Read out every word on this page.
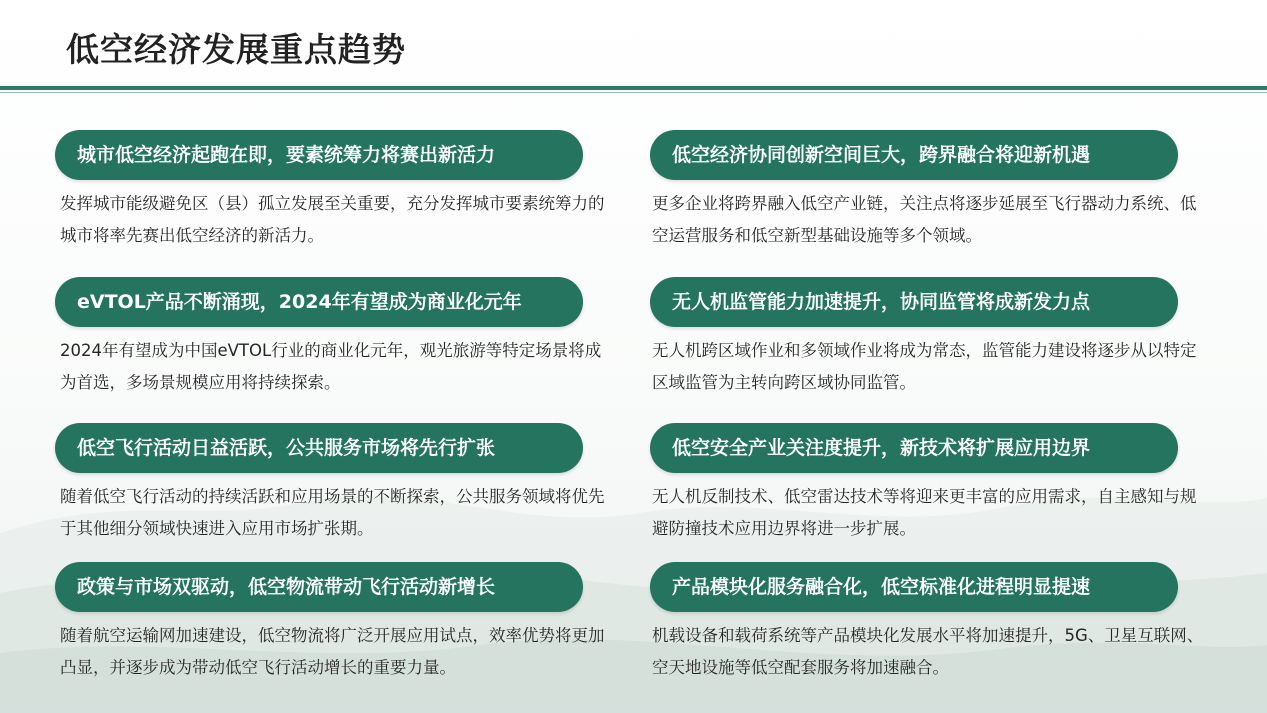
低空经济发展重点趋势
城市低空经济起跑在即，要素统筹力将赛出新活力

发挥城市能级避免区（县）孤立发展至关重要，充分发挥城市要素统筹力的城市将率先赛出低空经济的新活力。

eVTOL产品不断涌现，2024年有望成为商业化元年

2024年有望成为中国eVTOL行业的商业化元年，观光旅游等特定场景将成为首选，多场景规模应用将持续探索。

低空飞行活动日益活跃，公共服务市场将先行扩张

随着低空飞行活动的持续活跃和应用场景的不断探索，公共服务领域将优先于其他细分领域快速进入应用市场扩张期。

政策与市场双驱动，低空物流带动飞行活动新增长

随着航空运输网加速建设，低空物流将广泛开展应用试点，效率优势将更加凸显，并逐步成为带动低空飞行活动增长的重要力量。

低空经济协同创新空间巨大，跨界融合将迎新机遇

更多企业将跨界融入低空产业链，关注点将逐步延展至飞行器动力系统、低空运营服务和低空新型基础设施等多个领域。

无人机监管能力加速提升，协同监管将成新发力点

无人机跨区域作业和多领域作业将成为常态，监管能力建设将逐步从以特定区域监管为主转向跨区域协同监管。

低空安全产业关注度提升，新技术将扩展应用边界

无人机反制技术、低空雷达技术等将迎来更丰富的应用需求，自主感知与规避防撞技术应用边界将进一步扩展。

产品模块化服务融合化，低空标准化进程明显提速

机载设备和载荷系统等产品模块化发展水平将加速提升，5G、卫星互联网、空天地设施等低空配套服务将加速融合。
